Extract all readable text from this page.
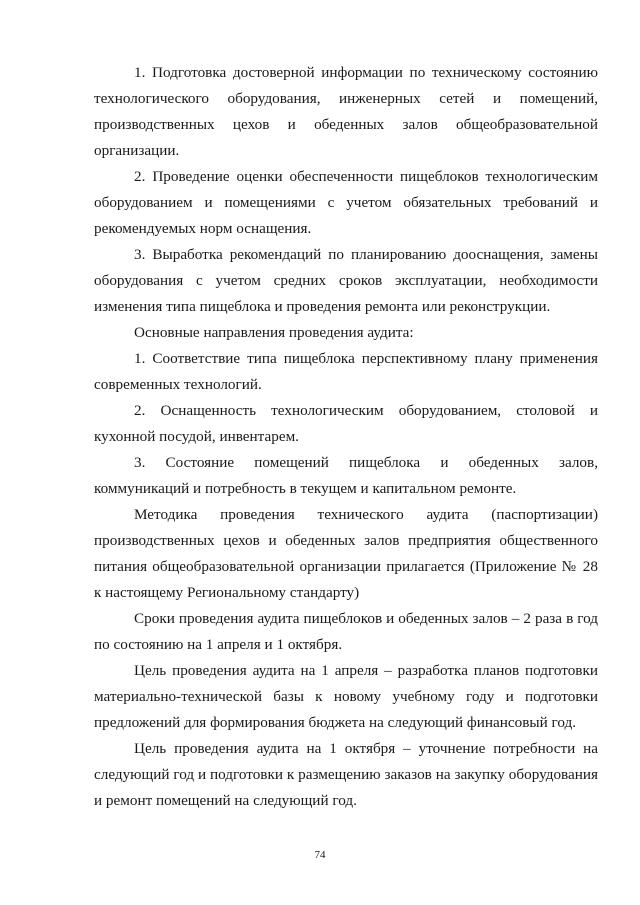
1. Подготовка достоверной информации по техническому состоянию технологического оборудования, инженерных сетей и помещений, производственных цехов и обеденных залов общеобразовательной организации.

2. Проведение оценки обеспеченности пищеблоков технологическим оборудованием и помещениями с учетом обязательных требований и рекомендуемых норм оснащения.

3. Выработка рекомендаций по планированию дооснащения, замены оборудования с учетом средних сроков эксплуатации, необходимости изменения типа пищеблока и проведения ремонта или реконструкции.

Основные направления проведения аудита:

1. Соответствие типа пищеблока перспективному плану применения современных технологий.

2. Оснащенность технологическим оборудованием, столовой и кухонной посудой, инвентарем.

3. Состояние помещений пищеблока и обеденных залов, коммуникаций и потребность в текущем и капитальном ремонте.

Методика проведения технического аудита (паспортизации) производственных цехов и обеденных залов предприятия общественного питания общеобразовательной организации прилагается (Приложение № 28 к настоящему Региональному стандарту)

Сроки проведения аудита пищеблоков и обеденных залов – 2 раза в год по состоянию на 1 апреля и 1 октября.

Цель проведения аудита на 1 апреля – разработка планов подготовки материально-технической базы к новому учебному году и подготовки предложений для формирования бюджета на следующий финансовый год.

Цель проведения аудита на 1 октября – уточнение потребности на следующий год и подготовки к размещению заказов на закупку оборудования и ремонт помещений на следующий год.

74
